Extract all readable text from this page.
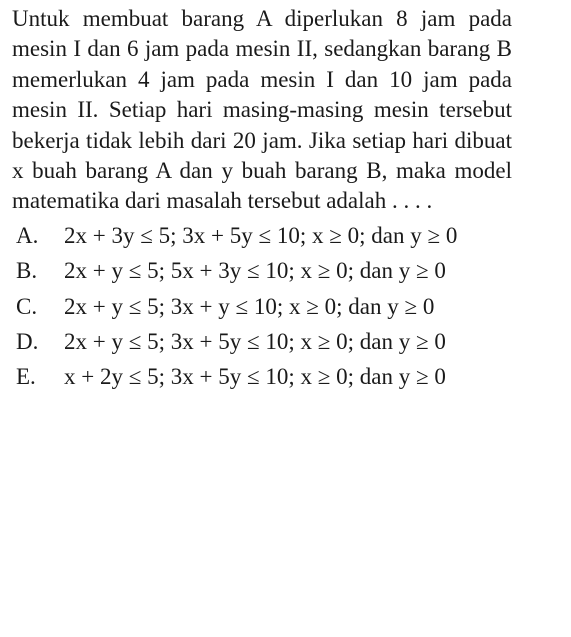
Untuk membuat barang A diperlukan 8 jam pada mesin I dan 6 jam pada mesin II, sedangkan barang B memerlukan 4 jam pada mesin I dan 10 jam pada mesin II. Setiap hari masing-masing mesin tersebut bekerja tidak lebih dari 20 jam. Jika setiap hari dibuat x buah barang A dan y buah barang B, maka model matematika dari masalah tersebut adalah . . . .

A.	2x + 3y ≤ 5; 3x + 5y ≤ 10; x ≥ 0; dan y ≥ 0
B.	2x + y ≤ 5; 5x + 3y ≤ 10; x ≥ 0; dan y ≥ 0
C.	2x + y ≤ 5; 3x + y ≤ 10; x ≥ 0; dan y ≥ 0
D.	2x + y ≤ 5; 3x + 5y ≤ 10; x ≥ 0; dan y ≥ 0
E.	x + 2y ≤ 5; 3x + 5y ≤ 10; x ≥ 0; dan y ≥ 0
